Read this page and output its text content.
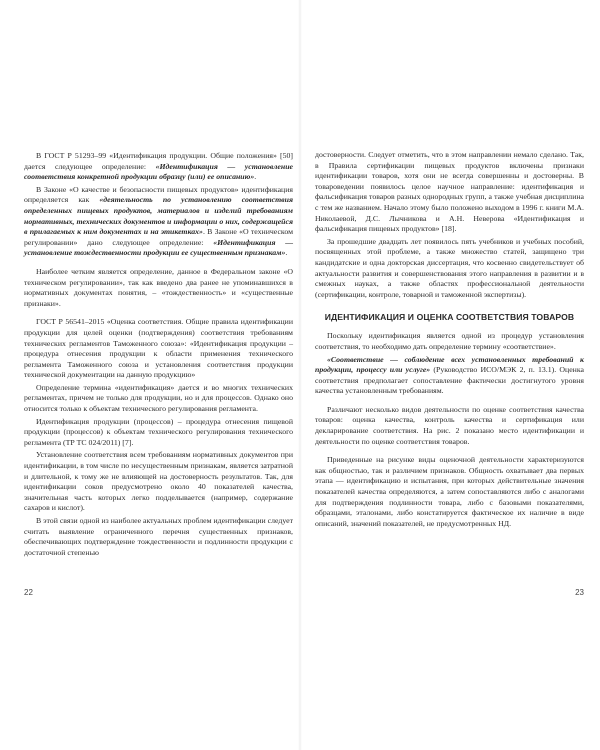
В ГОСТ Р 51293–99 «Идентификация продукции. Общие положения» [50] дается следующее определение: «Идентификация — установление соответствия конкретной продукции образцу (или) ее описанию».

В Законе «О качестве и безопасности пищевых продуктов» идентификация определяется как «деятельность по установлению соответствия определенных пищевых продуктов, материалов и изделий требованиям нормативных, технических документов и информации о них, содержащейся в прилагаемых к ним документах и на этикетках». В Законе «О техническом регулировании» дано следующее определение: «Идентификация — установление тождественности продукции ее существенным признакам».

Наиболее четким является определение, данное в Федеральном законе «О техническом регулировании», так как введено два ранее не упоминавшихся в нормативных документах понятия, – «тождественность» и «существенные признаки».

ГОСТ Р 56541–2015 «Оценка соответствия. Общие правила идентификации продукции для целей оценки (подтверждения) соответствия требованиям технических регламентов Таможенного союза»: «Идентификация продукции – процедура отнесения продукции к области применения технического регламента Таможенного союза и установления соответствия продукции технической документации на данную продукцию»

Определение термина «идентификация» дается и во многих технических регламентах, причем не только для продукции, но и для процессов. Однако оно относится только к объектам технического регулирования регламента.

Идентификация продукции (процессов) – процедура отнесения пищевой продукции (процессов) к объектам технического регулирования технического регламента (ТР ТС 024/2011) [7].

Установление соответствия всем требованиям нормативных документов при идентификации, в том числе по несущественным признакам, является затратной и длительной, к тому же не влияющей на достоверность результатов. Так, для идентификации соков предусмотрено около 40 показателей качества, значительная часть которых легко подделывается (например, содержание сахаров и кислот).

В этой связи одной из наиболее актуальных проблем идентификации следует считать выявление ограниченного перечня существенных признаков, обеспечивающих подтверждение тождественности и подлинности продукции с достаточной степенью

22

достоверности. Следует отметить, что в этом направлении немало сделано. Так, в Правила сертификации пищевых продуктов включены признаки идентификации товаров, хотя они не всегда совершенны и достоверны. В товароведении появилось целое научное направление: идентификация и фальсификация товаров разных однородных групп, а также учебная дисциплина с тем же названием. Начало этому было положено выходом в 1996 г. книги М.А. Николаевой, Д.С. Лычникова и А.Н. Неверова «Идентификация и фальсификация пищевых продуктов» [18].

За прошедшие двадцать лет появилось пять учебников и учебных пособий, посвященных этой проблеме, а также множество статей, защищено три кандидатские и одна докторская диссертация, что косвенно свидетельствует об актуальности развития и совершенствования этого направления в развитии и в смежных науках, а также областях профессиональной деятельности (сертификации, контроле, товарной и таможенной экспертизы).

ИДЕНТИФИКАЦИЯ И ОЦЕНКА СООТВЕТСТВИЯ ТОВАРОВ

Поскольку идентификация является одной из процедур установления соответствия, то необходимо дать определение термину «соответствие».

«Соответствие — соблюдение всех установленных требований к продукции, процессу или услуге» (Руководство ИСО/МЭК 2, п. 13.1). Оценка соответствия предполагает сопоставление фактически достигнутого уровня качества установленным требованиям.

Различают несколько видов деятельности по оценке соответствия качества товаров: оценка качества, контроль качества и сертификация или декларирование соответствия. На рис. 2 показано место идентификации и деятельности по оценке соответствия товаров.

Приведенные на рисунке виды оценочной деятельности характеризуются как общностью, так и различием признаков. Общность охватывает два первых этапа — идентификацию и испытания, при которых действительные значения показателей качества определяются, а затем сопоставляются либо с аналогами для подтверждения подлинности товара, либо с базовыми показателями, образцами, эталонами, либо констатируется фактическое их наличие в виде описаний, значений показателей, не предусмотренных НД.

23
